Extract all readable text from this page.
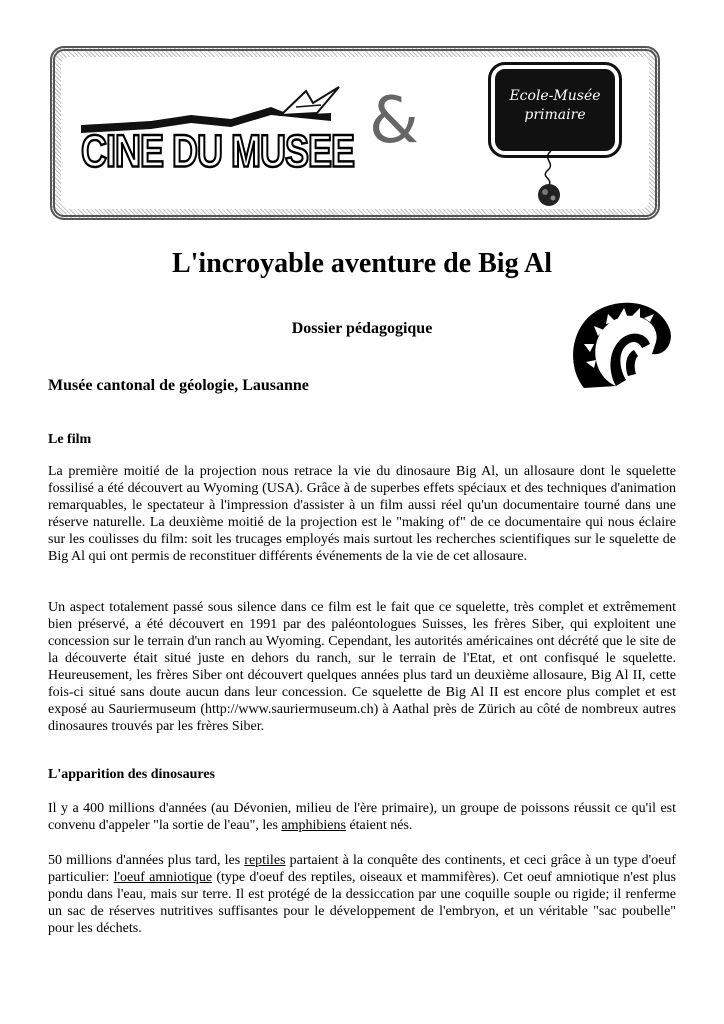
CINE DU MUSEE &	Ecole-Musée
primaire
L'incroyable aventure de Big Al
Dossier pédagogique
Musée cantonal de géologie, Lausanne
Le film

La première moitié de la projection nous retrace la vie du dinosaure Big Al, un allosaure dont le squelette fossilisé a été découvert au Wyoming (USA). Grâce à de superbes effets spéciaux et des techniques d'animation remarquables, le spectateur à l'impression d'assister à un film aussi réel qu'un documentaire tourné dans une réserve naturelle. La deuxième moitié de la projection est le "making of" de ce documentaire qui nous éclaire sur les coulisses du film: soit les trucages employés mais surtout les recherches scientifiques sur le squelette de Big Al qui ont permis de reconstituer différents événements de la vie de cet allosaure.

Un aspect totalement passé sous silence dans ce film est le fait que ce squelette, très complet et extrêmement bien préservé, a été découvert en 1991 par des paléontologues Suisses, les frères Siber, qui exploitent une concession sur le terrain d'un ranch au Wyoming. Cependant, les autorités américaines ont décrété que le site de la découverte était situé juste en dehors du ranch, sur le terrain de l'Etat, et ont confisqué le squelette. Heureusement, les frères Siber ont découvert quelques années plus tard un deuxième allosaure, Big Al II, cette fois-ci situé sans doute aucun dans leur concession. Ce squelette de Big Al II est encore plus complet et est exposé au Sauriermuseum (http://www.sauriermuseum.ch) à Aathal près de Zürich au côté de nombreux autres dinosaures trouvés par les frères Siber.

L'apparition des dinosaures

Il y a 400 millions d'années (au Dévonien, milieu de l'ère primaire), un groupe de poissons réussit ce qu'il est convenu d'appeler "la sortie de l'eau", les amphibiens étaient nés.

50 millions d'années plus tard, les reptiles partaient à la conquête des continents, et ceci grâce à un type d'oeuf particulier: l'oeuf amniotique (type d'oeuf des reptiles, oiseaux et mammifères). Cet oeuf amniotique n'est plus pondu dans l'eau, mais sur terre. Il est protégé de la dessiccation par une coquille souple ou rigide; il renferme un sac de réserves nutritives suffisantes pour le développement de l'embryon, et un véritable "sac poubelle" pour les déchets.
